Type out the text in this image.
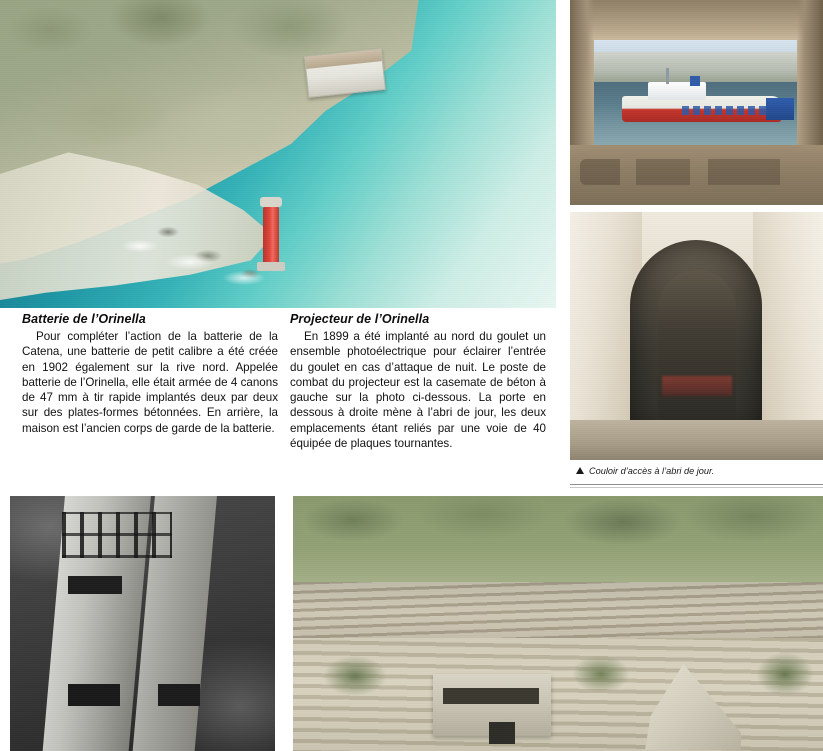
Couloir d’accès à l’abri de jour.
Batterie de l’Orinella

Pour compléter l’action de la batterie de la Catena, une batterie de petit calibre a été créée en 1902 également sur la rive nord. Appelée batterie de l’Orinella, elle était armée de 4 canons de 47 mm à tir rapide implantés deux par deux sur des plates-formes bétonnées. En arrière, la maison est l’ancien corps de garde de la batterie.

Projecteur de l’Orinella

En 1899 a été implanté au nord du goulet un ensemble photoélectrique pour éclairer l’entrée du goulet en cas d’attaque de nuit. Le poste de combat du projecteur est la casemate de béton à gauche sur la photo ci-dessous. La porte en dessous à droite mène à l’abri de jour, les deux emplacements étant reliés par une voie de 40 équipée de plaques tournantes.
